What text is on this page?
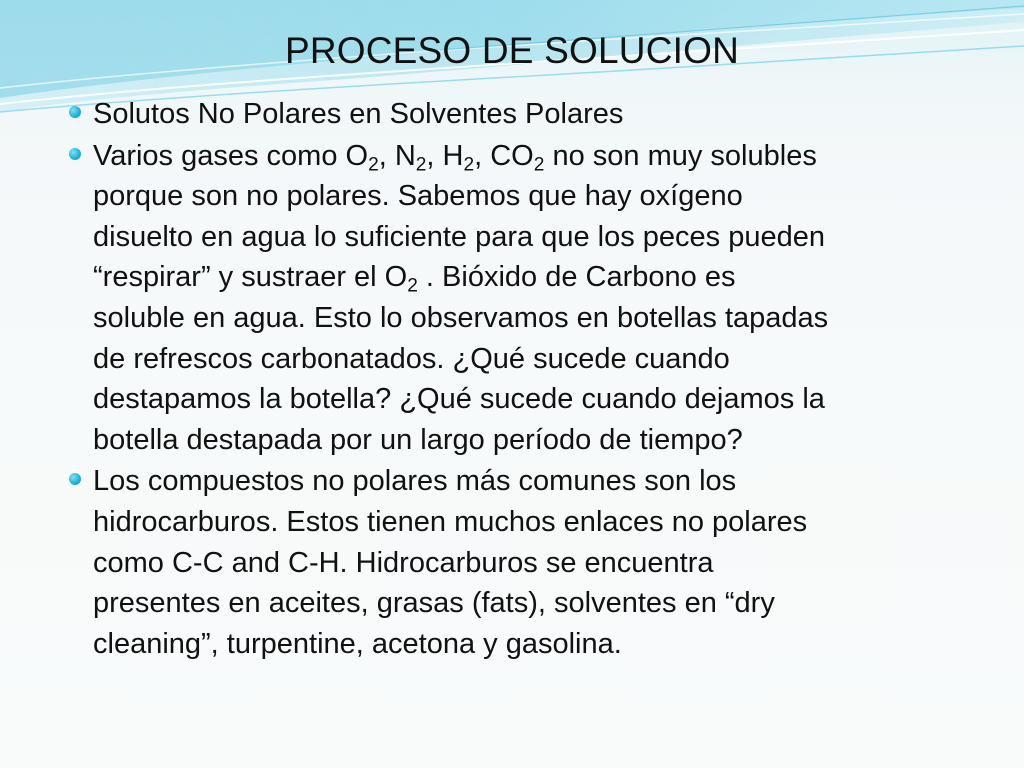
PROCESO DE SOLUCION
Solutos No Polares en Solventes Polares
Varios gases como $O_2$, $N_2$, $H_2$, $CO_2$ no son muy solubles
porque son no polares. Sabemos que hay oxígeno
disuelto en agua lo suficiente para que los peces pueden
“respirar” y sustraer el $O_2$ . Bióxido de Carbono es
soluble en agua. Esto lo observamos en botellas tapadas
de refrescos carbonatados. ¿Qué sucede cuando
destapamos la botella? ¿Qué sucede cuando dejamos la
botella destapada por un largo período de tiempo?
Los compuestos no polares más comunes son los
hidrocarburos. Estos tienen muchos enlaces no polares
como C-C and C-H. Hidrocarburos se encuentra
presentes en aceites, grasas (fats), solventes en “dry
cleaning”, turpentine, acetona y gasolina.
